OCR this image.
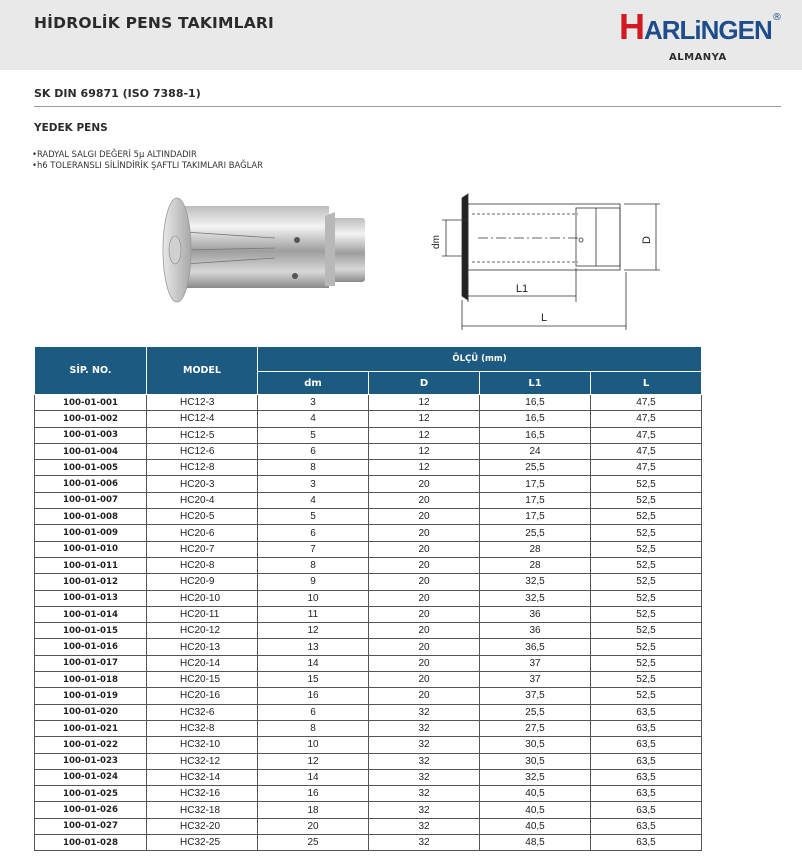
HİDROLİK PENS TAKIMLARI	HARLiNGEN ®
ALMANYA
SK DIN 69871 (ISO 7388-1)
YEDEK PENS
• RADYAL SALGI DEĞERİ 5µ ALTINDADIR
• h6 TOLERANSLI SİLİNDİRİK ŞAFTLI TAKIMLARI BAĞLAR
dm	D
L1
L
SİP. NO.	MODEL	ÖLÇÜ (mm)			
		dm	D	L1	L
100-01-001	HC12-3	3	12	16,5	47,5
100-01-002	HC12-4	4	12	16,5	47,5
100-01-003	HC12-5	5	12	16,5	47,5
100-01-004	HC12-6	6	12	24	47,5
100-01-005	HC12-8	8	12	25,5	47,5
100-01-006	HC20-3	3	20	17,5	52,5
100-01-007	HC20-4	4	20	17,5	52,5
100-01-008	HC20-5	5	20	17,5	52,5
100-01-009	HC20-6	6	20	25,5	52,5
100-01-010	HC20-7	7	20	28	52,5
100-01-011	HC20-8	8	20	28	52,5
100-01-012	HC20-9	9	20	32,5	52,5
100-01-013	HC20-10	10	20	32,5	52,5
100-01-014	HC20-11	11	20	36	52,5
100-01-015	HC20-12	12	20	36	52,5
100-01-016	HC20-13	13	20	36,5	52,5
100-01-017	HC20-14	14	20	37	52,5
100-01-018	HC20-15	15	20	37	52,5
100-01-019	HC20-16	16	20	37,5	52,5
100-01-020	HC32-6	6	32	25,5	63,5
100-01-021	HC32-8	8	32	27,5	63,5
100-01-022	HC32-10	10	32	30,5	63,5
100-01-023	HC32-12	12	32	30,5	63,5
100-01-024	HC32-14	14	32	32,5	63,5
100-01-025	HC32-16	16	32	40,5	63,5
100-01-026	HC32-18	18	32	40,5	63,5
100-01-027	HC32-20	20	32	40,5	63,5
100-01-028	HC32-25	25	32	48,5	63,5
